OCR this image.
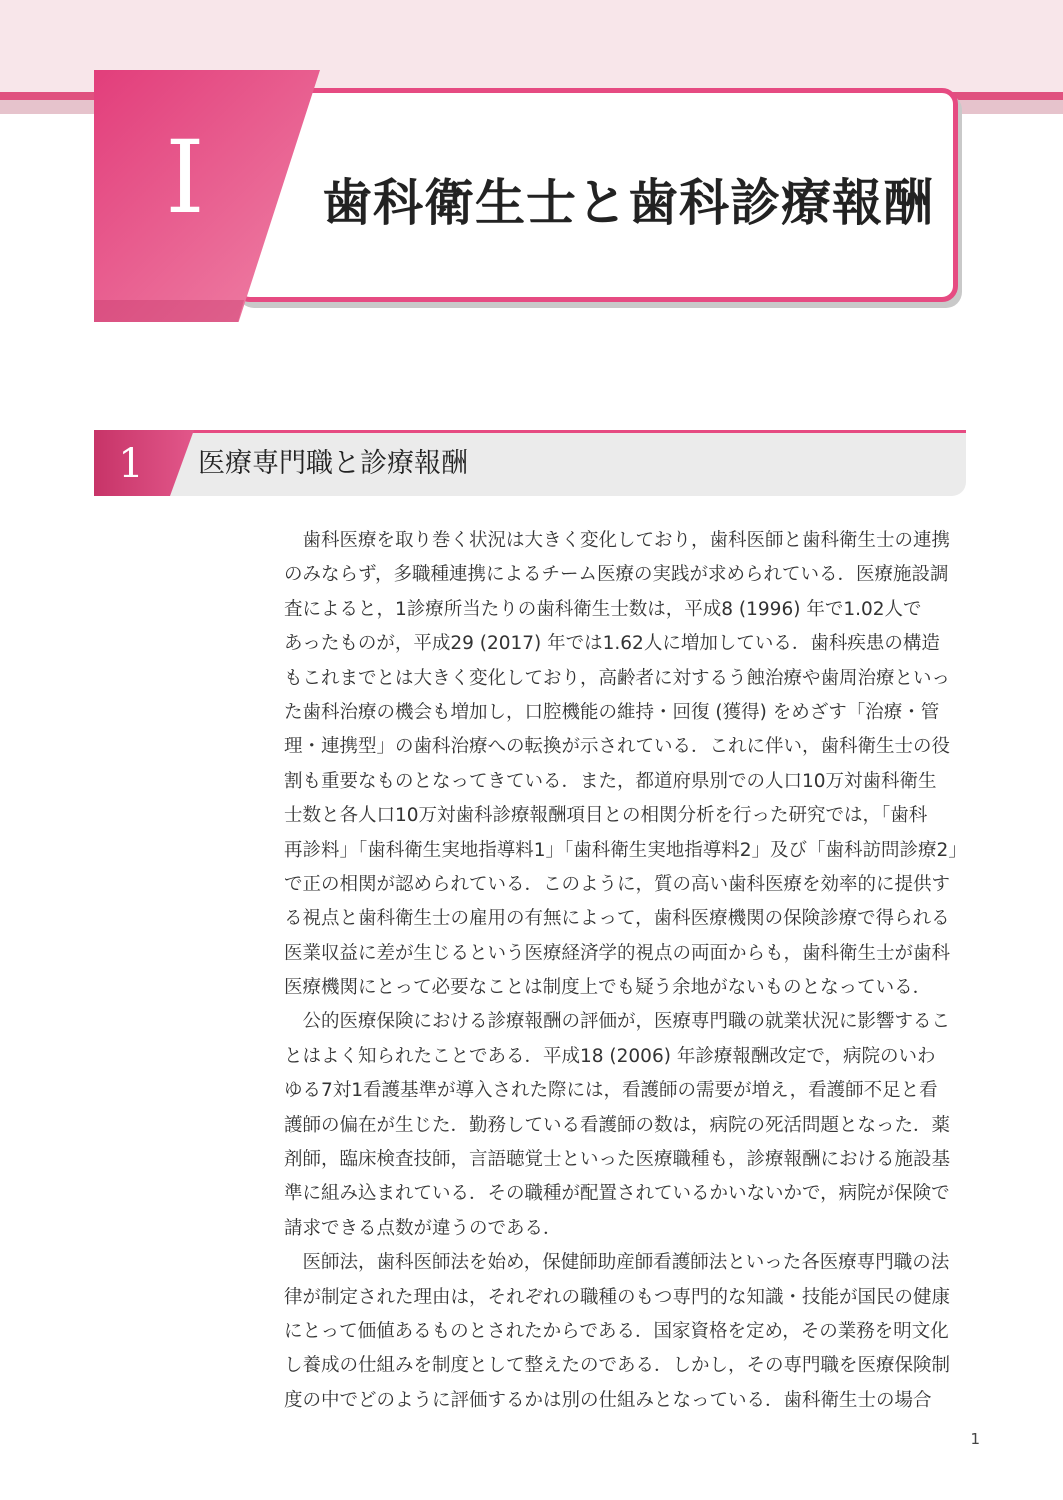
I	歯科衛生士と歯科診療報酬
1	医療専門職と診療報酬

　歯科医療を取り巻く状況は大きく変化しており，歯科医師と歯科衛生士の連携
のみならず，多職種連携によるチーム医療の実践が求められている．医療施設調
査によると，1診療所当たりの歯科衛生士数は，平成8 (1996) 年で1.02人で
あったものが，平成29 (2017) 年では1.62人に増加している．歯科疾患の構造
もこれまでとは大きく変化しており，高齢者に対するう蝕治療や歯周治療といっ
た歯科治療の機会も増加し，口腔機能の維持・回復 (獲得) をめざす「治療・管
理・連携型」の歯科治療への転換が示されている．これに伴い，歯科衛生士の役
割も重要なものとなってきている．また，都道府県別での人口10万対歯科衛生
士数と各人口10万対歯科診療報酬項目との相関分析を行った研究では，「歯科
再診料」「歯科衛生実地指導料1」「歯科衛生実地指導料2」及び「歯科訪問診療2」
で正の相関が認められている．このように，質の高い歯科医療を効率的に提供す
る視点と歯科衛生士の雇用の有無によって，歯科医療機関の保険診療で得られる
医業収益に差が生じるという医療経済学的視点の両面からも，歯科衛生士が歯科
医療機関にとって必要なことは制度上でも疑う余地がないものとなっている．

　公的医療保険における診療報酬の評価が，医療専門職の就業状況に影響するこ
とはよく知られたことである．平成18 (2006) 年診療報酬改定で，病院のいわ
ゆる7対1看護基準が導入された際には，看護師の需要が増え，看護師不足と看
護師の偏在が生じた．勤務している看護師の数は，病院の死活問題となった．薬
剤師，臨床検査技師，言語聴覚士といった医療職種も，診療報酬における施設基
準に組み込まれている．その職種が配置されているかいないかで，病院が保険で
請求できる点数が違うのである．

　医師法，歯科医師法を始め，保健師助産師看護師法といった各医療専門職の法
律が制定された理由は，それぞれの職種のもつ専門的な知識・技能が国民の健康
にとって価値あるものとされたからである．国家資格を定め，その業務を明文化
し養成の仕組みを制度として整えたのである．しかし，その専門職を医療保険制
度の中でどのように評価するかは別の仕組みとなっている．歯科衛生士の場合

1
